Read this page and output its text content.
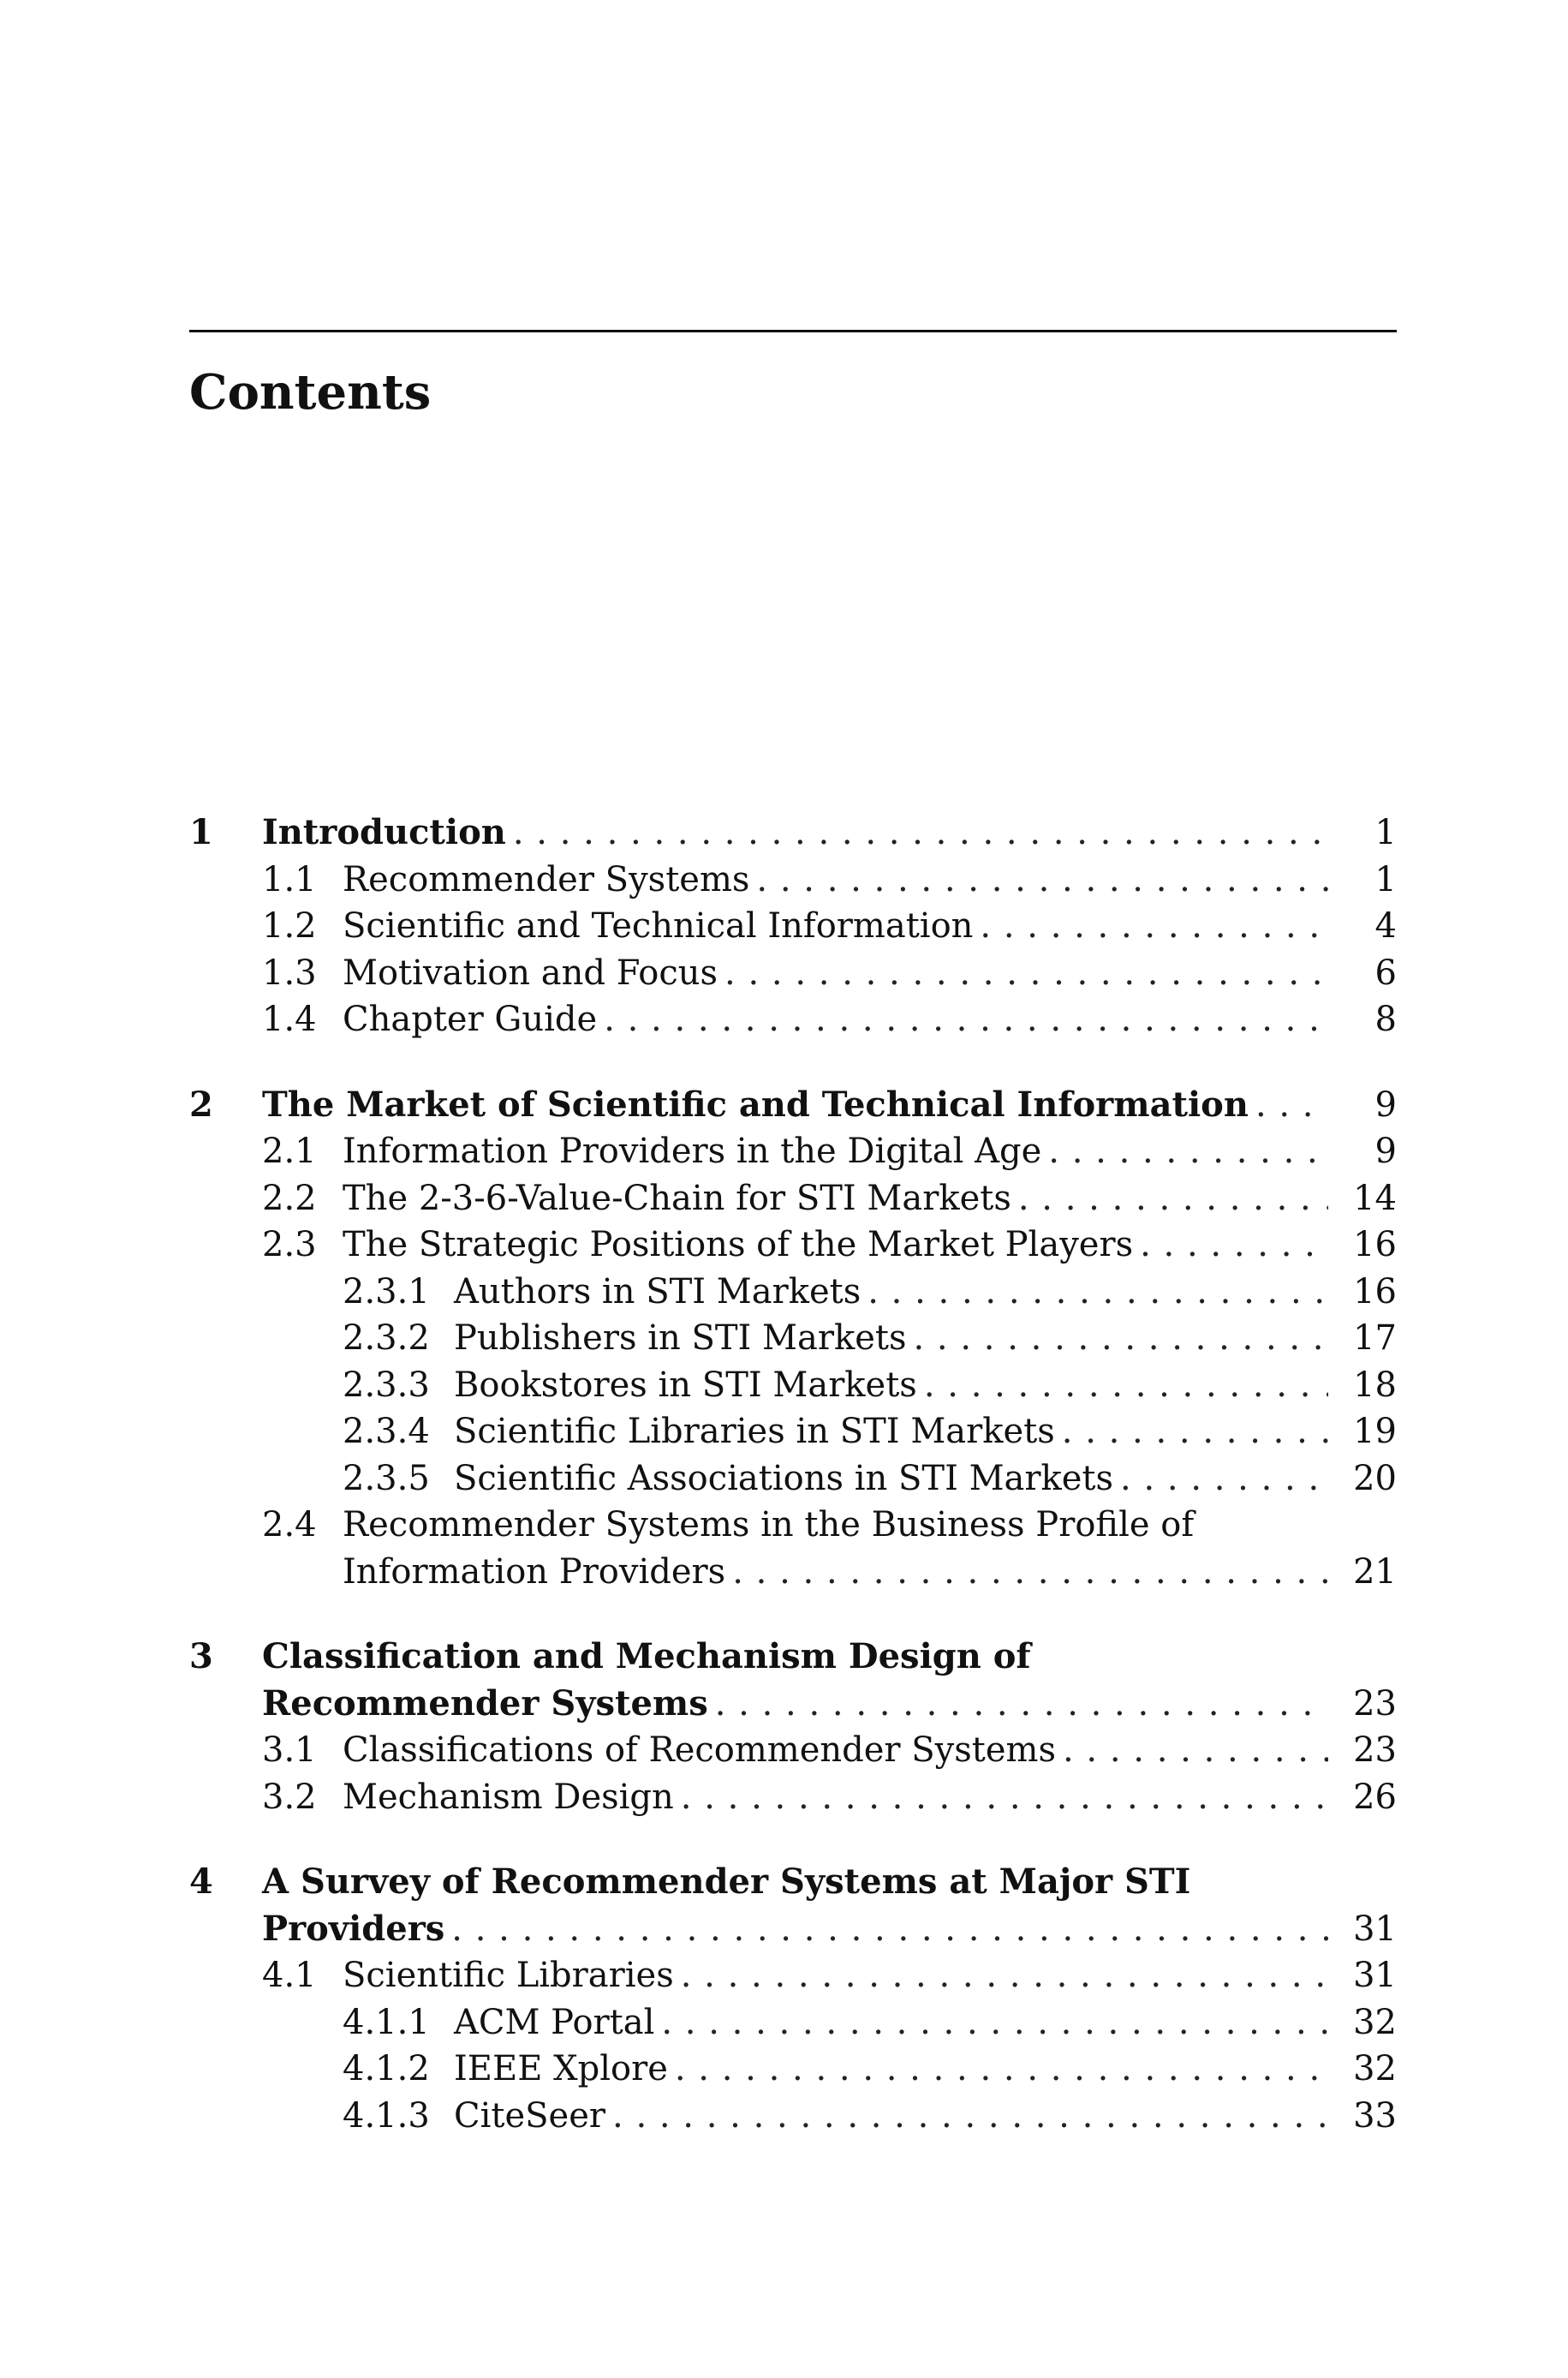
Contents
1	Introduction . . .	1
1.1 Recommender Systems . . .	1
1.2 Scientific and Technical Information . . .	4
1.3 Motivation and Focus . . .	6
1.4 Chapter Guide . . .	8
2	The Market of Scientific and Technical Information . . .	9
2.1 Information Providers in the Digital Age . . .	9
2.2 The 2-3-6-Value-Chain for STI Markets . . .	14
2.3 The Strategic Positions of the Market Players . . .	16
2.3.1 Authors in STI Markets . . .	16
2.3.2 Publishers in STI Markets . . .	17
2.3.3 Bookstores in STI Markets . . .	18
2.3.4 Scientific Libraries in STI Markets . . .	19
2.3.5 Scientific Associations in STI Markets . . .	20
2.4 Recommender Systems in the Business Profile of
Information Providers . . .	21
3	Classification and Mechanism Design of
Recommender Systems . . .	23
3.1 Classifications of Recommender Systems . . .	23
3.2 Mechanism Design . . .	26
4	A Survey of Recommender Systems at Major STI
Providers . . .	31
4.1 Scientific Libraries . . .	31
4.1.1 ACM Portal . . .	32
4.1.2 IEEE Xplore . . .	32
4.1.3 CiteSeer . . .	33
